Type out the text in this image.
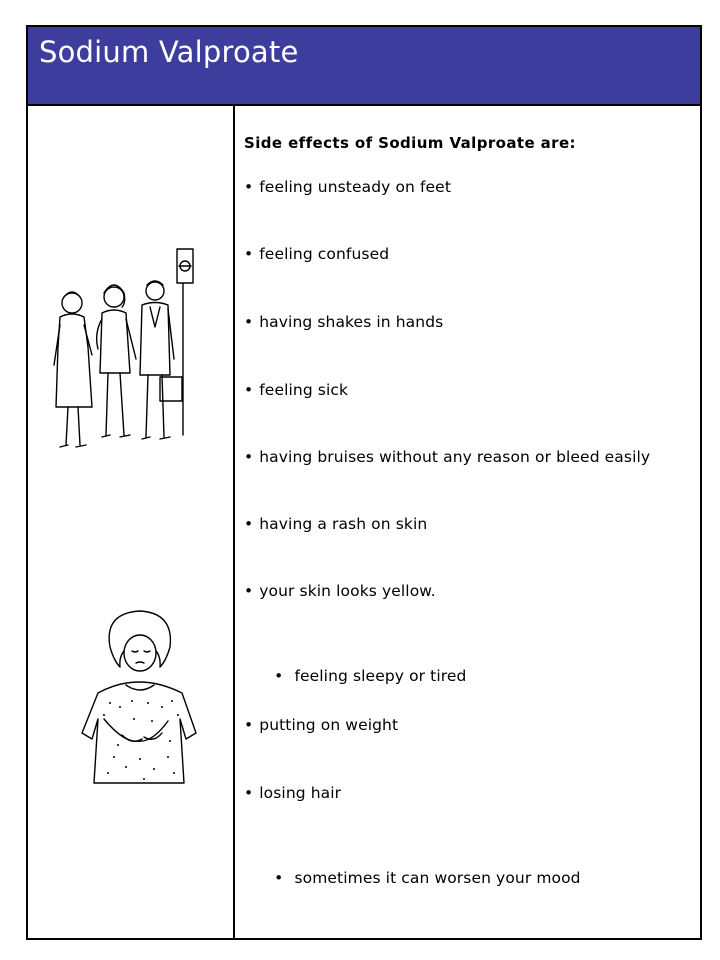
Sodium Valproate

Side effects of Sodium Valproate are:

• feeling unsteady on feet
• feeling confused
• having shakes in hands
• feeling sick
• having bruises without any reason or bleed easily
• having a rash on skin
• your skin looks yellow.

• feeling sleepy or tired

• putting on weight
• losing hair

• sometimes it can worsen your mood
